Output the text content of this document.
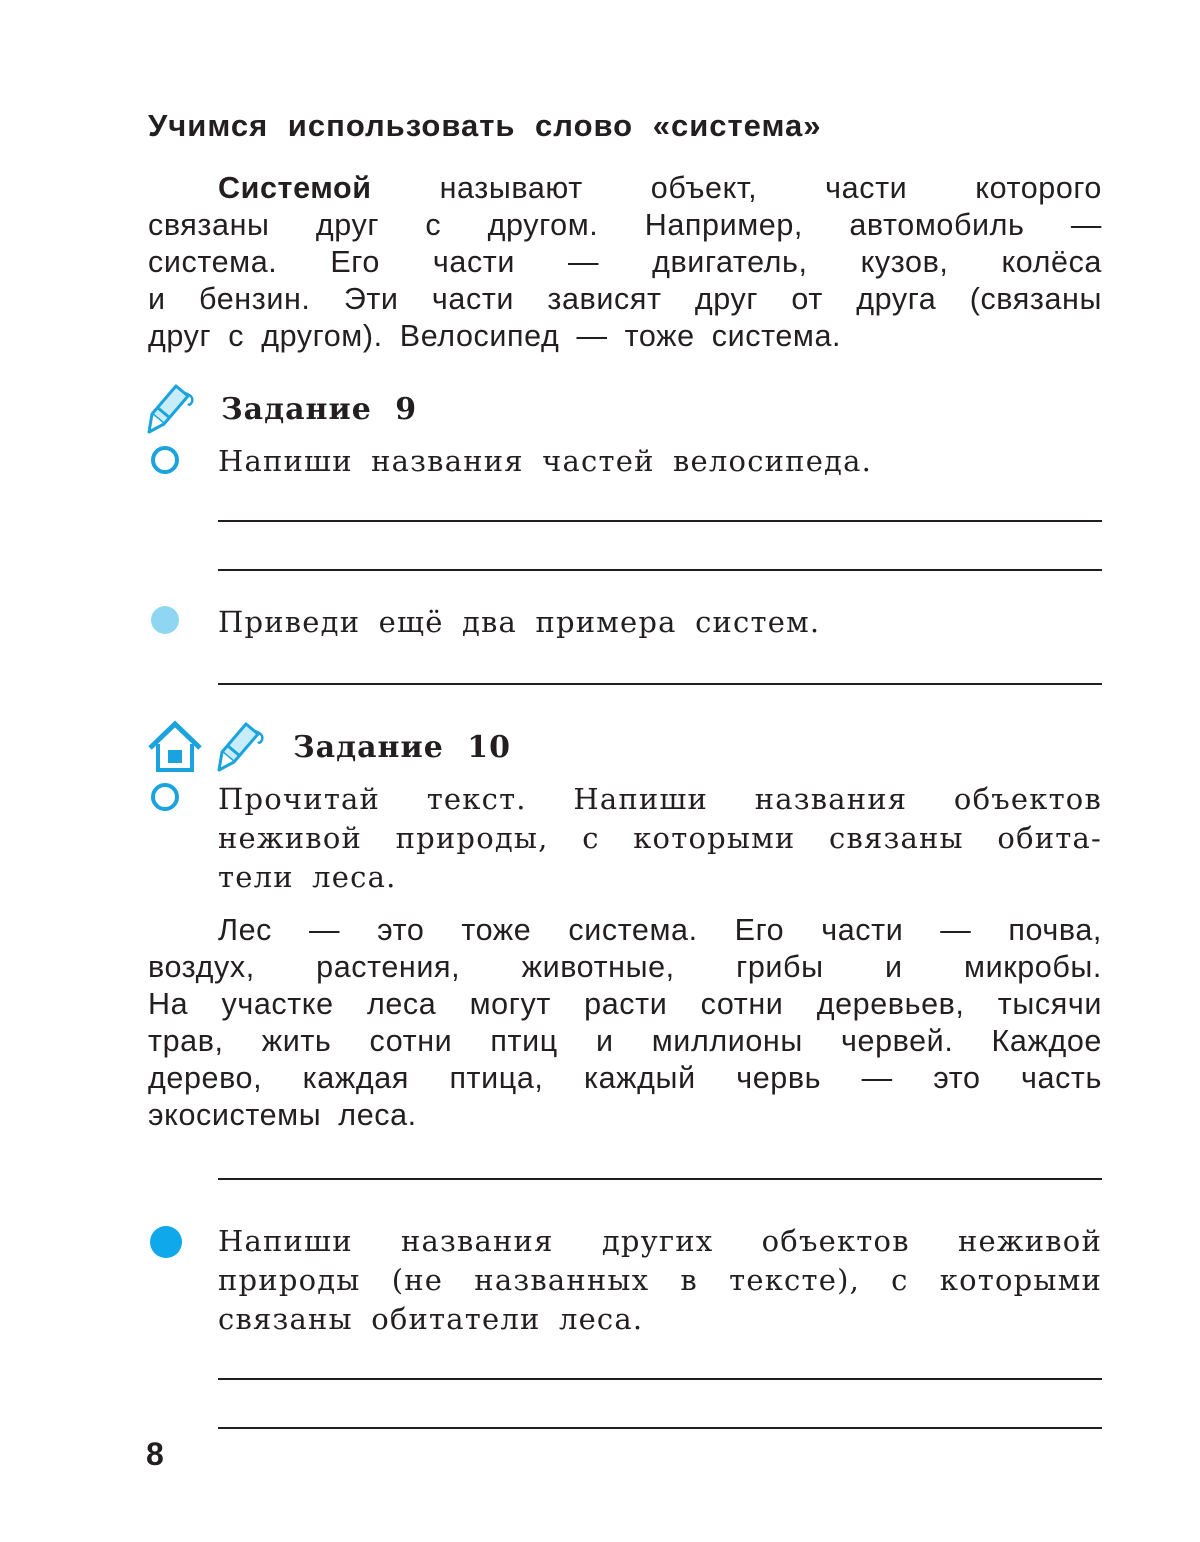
Учимся использовать слово «система»
Системой называют объект, части которого
связаны друг с другом. Например, автомобиль —
система. Его части — двигатель, кузов, колёса
и бензин. Эти части зависят друг от друга (связаны
друг с другом). Велосипед — тоже система.
Задание 9
Напиши названия частей велосипеда.
Приведи ещё два примера систем.
Задание 10
Прочитай текст. Напиши названия объектов
неживой природы, с которыми связаны обита-
тели леса.
Лес — это тоже система. Его части — почва,
воздух, растения, животные, грибы и микробы.
На участке леса могут расти сотни деревьев, тысячи
трав, жить сотни птиц и миллионы червей. Каждое
дерево, каждая птица, каждый червь — это часть
экосистемы леса.
Напиши названия других объектов неживой
природы (не названных в тексте), с которыми
связаны обитатели леса.
8
